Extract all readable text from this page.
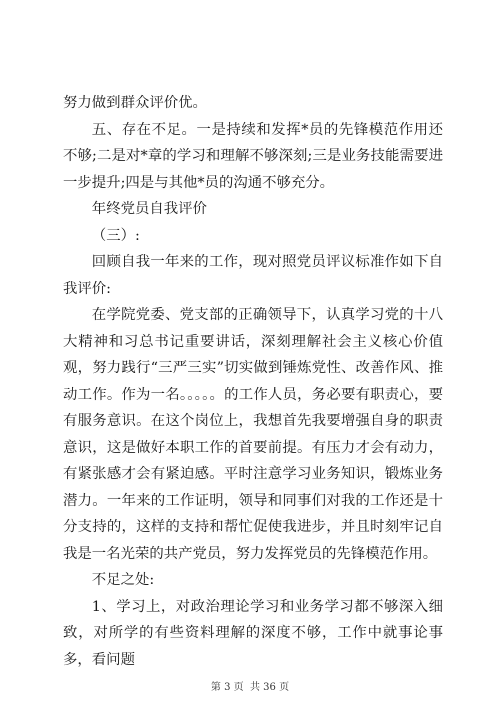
努力做到群众评价优。

五、存在不足。一是持续和发挥*员的先锋模范作用还不够;二是对*章的学习和理解不够深刻;三是业务技能需要进一步提升;四是与其他*员的沟通不够充分。

年终党员自我评价

（三）:

回顾自我一年来的工作，现对照党员评议标准作如下自我评价:

在学院党委、党支部的正确领导下，认真学习党的十八大精神和习总书记重要讲话，深刻理解社会主义核心价值观，努力践行“三严三实”切实做到锤炼党性、改善作风、推动工作。作为一名。。。。。的工作人员，务必要有职责心，要有服务意识。在这个岗位上，我想首先我要增强自身的职责意识，这是做好本职工作的首要前提。有压力才会有动力，有紧张感才会有紧迫感。平时注意学习业务知识，锻炼业务潜力。一年来的工作证明，领导和同事们对我的工作还是十分支持的，这样的支持和帮忙促使我进步，并且时刻牢记自我是一名光荣的共产党员，努力发挥党员的先锋模范作用。

不足之处:

1、学习上，对政治理论学习和业务学习都不够深入细致，对所学的有些资料理解的深度不够，工作中就事论事多，看问题

第 3 页  共 36 页
